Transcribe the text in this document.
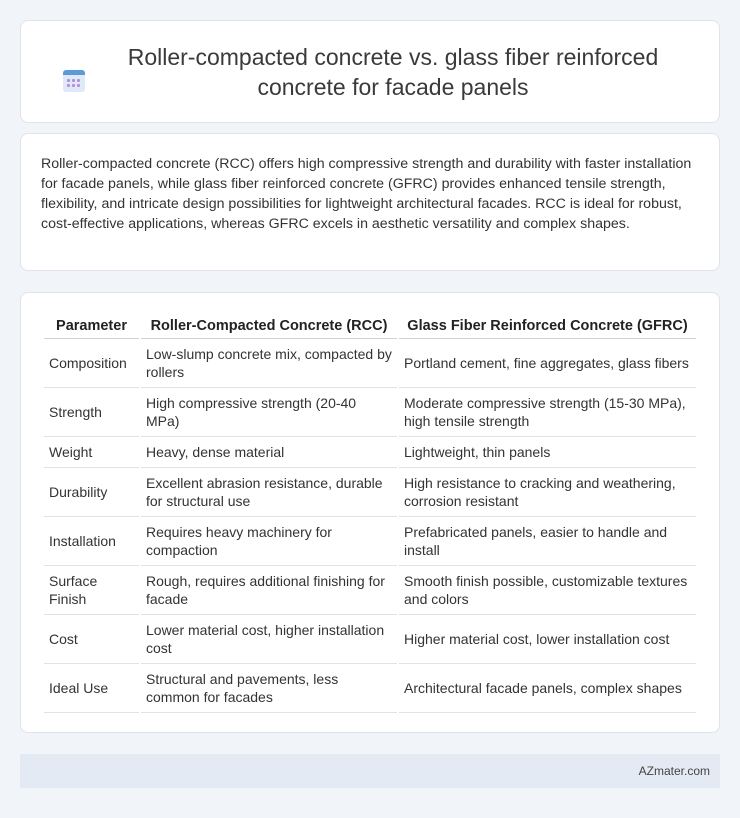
Roller-compacted concrete vs. glass fiber reinforced concrete for facade panels

Roller-compacted concrete (RCC) offers high compressive strength and durability with faster installation for facade panels, while glass fiber reinforced concrete (GFRC) provides enhanced tensile strength, flexibility, and intricate design possibilities for lightweight architectural facades. RCC is ideal for robust, cost-effective applications, whereas GFRC excels in aesthetic versatility and complex shapes.

Parameter	Roller-Compacted Concrete (RCC)	Glass Fiber Reinforced Concrete (GFRC)
Composition	Low-slump concrete mix, compacted by rollers	Portland cement, fine aggregates, glass fibers
Strength	High compressive strength (20-40 MPa)	Moderate compressive strength (15-30 MPa), high tensile strength
Weight	Heavy, dense material	Lightweight, thin panels
Durability	Excellent abrasion resistance, durable for structural use	High resistance to cracking and weathering, corrosion resistant
Installation	Requires heavy machinery for compaction	Prefabricated panels, easier to handle and install
Surface Finish	Rough, requires additional finishing for facade	Smooth finish possible, customizable textures and colors
Cost	Lower material cost, higher installation cost	Higher material cost, lower installation cost
Ideal Use	Structural and pavements, less common for facades	Architectural facade panels, complex shapes
AZmater.com
